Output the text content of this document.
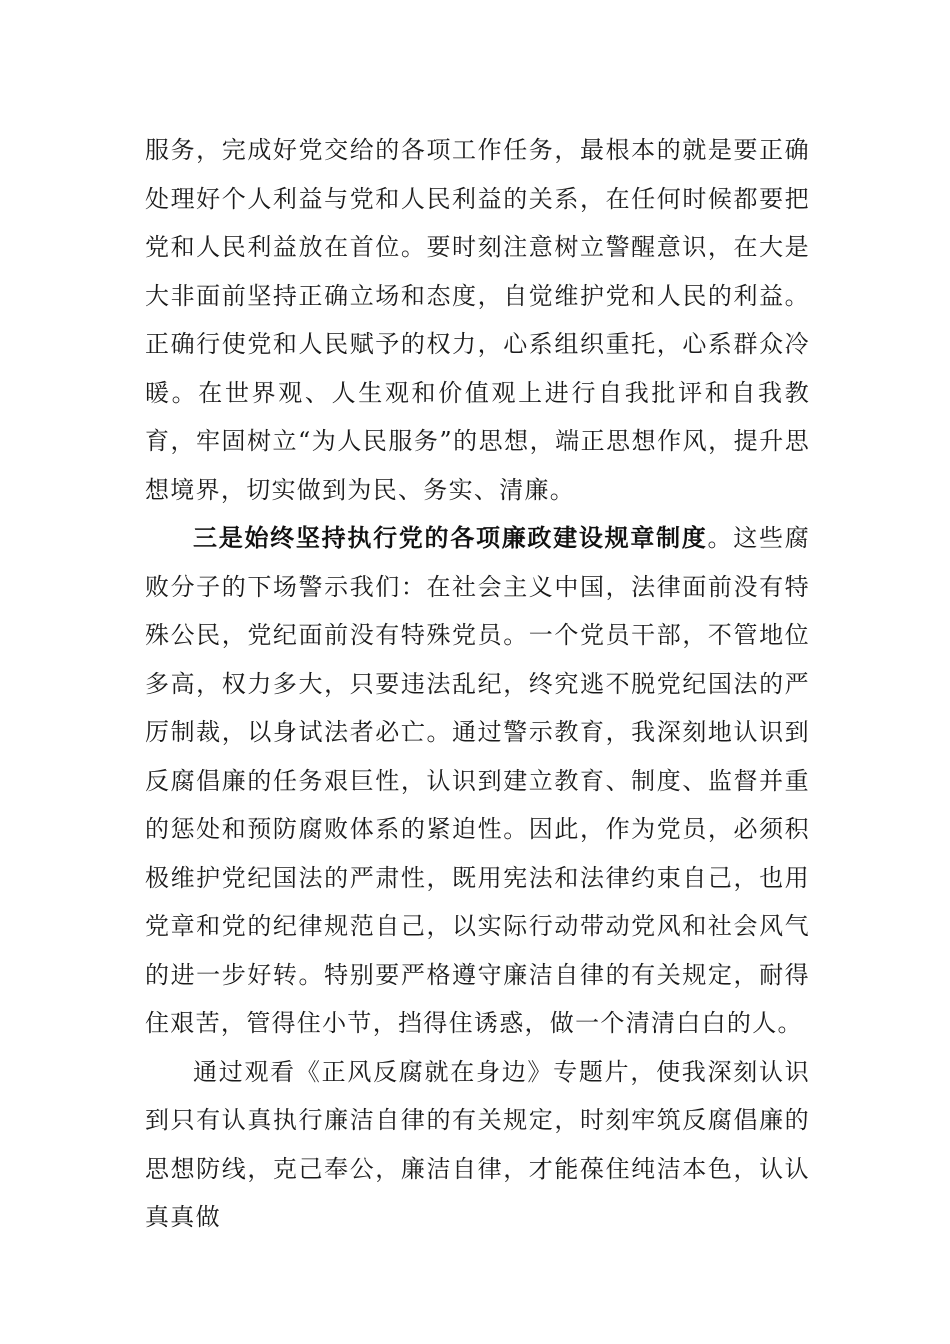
服务，完成好党交给的各项工作任务，最根本的就是要正确处理好个人利益与党和人民利益的关系，在任何时候都要把党和人民利益放在首位。要时刻注意树立警醒意识，在大是大非面前坚持正确立场和态度，自觉维护党和人民的利益。正确行使党和人民赋予的权力，心系组织重托，心系群众冷暖。在世界观、人生观和价值观上进行自我批评和自我教育，牢固树立“为人民服务”的思想，端正思想作风，提升思想境界，切实做到为民、务实、清廉。

三是始终坚持执行党的各项廉政建设规章制度。这些腐败分子的下场警示我们：在社会主义中国，法律面前没有特殊公民，党纪面前没有特殊党员。一个党员干部，不管地位多高，权力多大，只要违法乱纪，终究逃不脱党纪国法的严厉制裁，以身试法者必亡。通过警示教育，我深刻地认识到反腐倡廉的任务艰巨性，认识到建立教育、制度、监督并重的惩处和预防腐败体系的紧迫性。因此，作为党员，必须积极维护党纪国法的严肃性，既用宪法和法律约束自己，也用党章和党的纪律规范自己，以实际行动带动党风和社会风气的进一步好转。特别要严格遵守廉洁自律的有关规定，耐得住艰苦，管得住小节，挡得住诱惑，做一个清清白白的人。

通过观看《正风反腐就在身边》专题片，使我深刻认识到只有认真执行廉洁自律的有关规定，时刻牢筑反腐倡廉的思想防线，克己奉公，廉洁自律，才能葆住纯洁本色，认认真真做
